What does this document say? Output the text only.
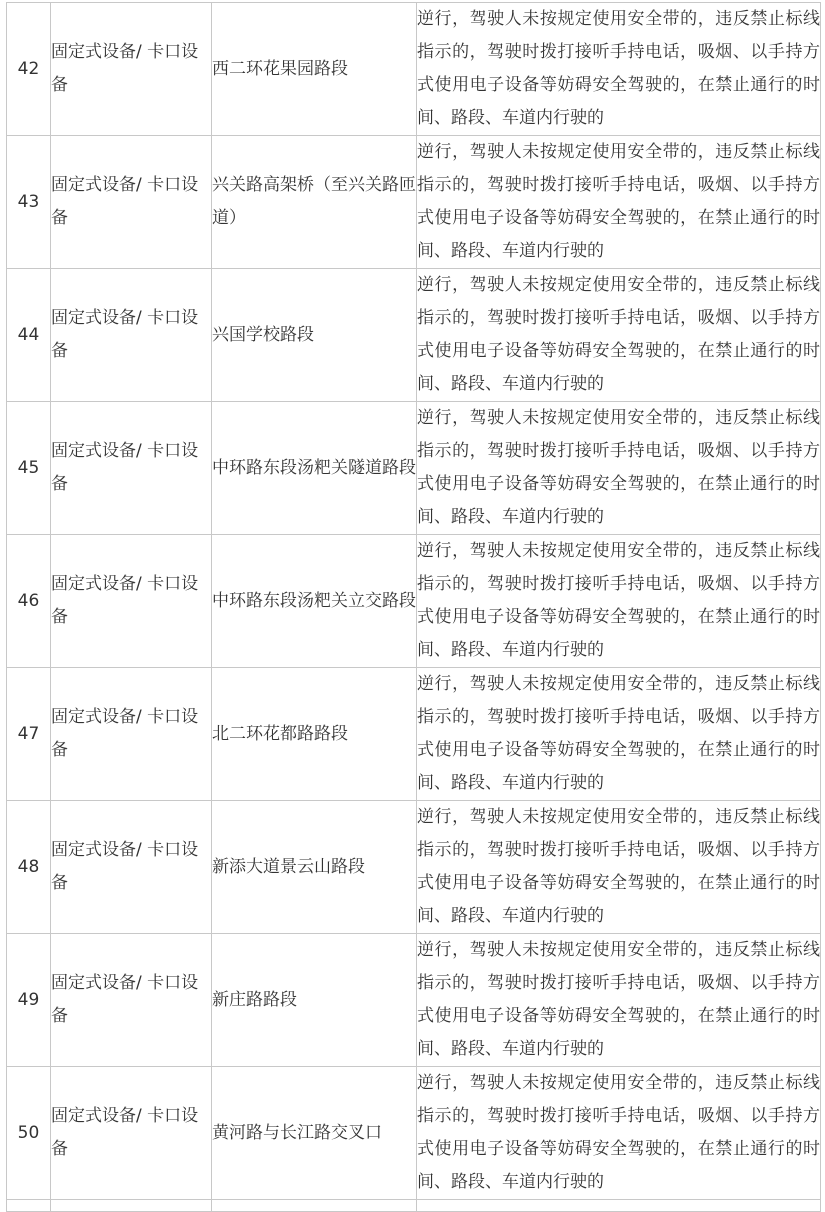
42	固定式设备/ 卡口设备	西二环花果园路段	逆行，驾驶人未按规定使用安全带的，违反禁止标线指示的，驾驶时拨打接听手持电话，吸烟、以手持方式使用电子设备等妨碍安全驾驶的，在禁止通行的时间、路段、车道内行驶的
43	固定式设备/ 卡口设备	兴关路高架桥（至兴关路匝道）	逆行，驾驶人未按规定使用安全带的，违反禁止标线指示的，驾驶时拨打接听手持电话，吸烟、以手持方式使用电子设备等妨碍安全驾驶的，在禁止通行的时间、路段、车道内行驶的
44	固定式设备/ 卡口设备	兴国学校路段	逆行，驾驶人未按规定使用安全带的，违反禁止标线指示的，驾驶时拨打接听手持电话，吸烟、以手持方式使用电子设备等妨碍安全驾驶的，在禁止通行的时间、路段、车道内行驶的
45	固定式设备/ 卡口设备	中环路东段汤粑关隧道路段	逆行，驾驶人未按规定使用安全带的，违反禁止标线指示的，驾驶时拨打接听手持电话，吸烟、以手持方式使用电子设备等妨碍安全驾驶的，在禁止通行的时间、路段、车道内行驶的
46	固定式设备/ 卡口设备	中环路东段汤粑关立交路段	逆行，驾驶人未按规定使用安全带的，违反禁止标线指示的，驾驶时拨打接听手持电话，吸烟、以手持方式使用电子设备等妨碍安全驾驶的，在禁止通行的时间、路段、车道内行驶的
47	固定式设备/ 卡口设备	北二环花都路路段	逆行，驾驶人未按规定使用安全带的，违反禁止标线指示的，驾驶时拨打接听手持电话，吸烟、以手持方式使用电子设备等妨碍安全驾驶的，在禁止通行的时间、路段、车道内行驶的
48	固定式设备/ 卡口设备	新添大道景云山路段	逆行，驾驶人未按规定使用安全带的，违反禁止标线指示的，驾驶时拨打接听手持电话，吸烟、以手持方式使用电子设备等妨碍安全驾驶的，在禁止通行的时间、路段、车道内行驶的
49	固定式设备/ 卡口设备	新庄路路段	逆行，驾驶人未按规定使用安全带的，违反禁止标线指示的，驾驶时拨打接听手持电话，吸烟、以手持方式使用电子设备等妨碍安全驾驶的，在禁止通行的时间、路段、车道内行驶的
50	固定式设备/ 卡口设备	黄河路与长江路交叉口	逆行，驾驶人未按规定使用安全带的，违反禁止标线指示的，驾驶时拨打接听手持电话，吸烟、以手持方式使用电子设备等妨碍安全驾驶的，在禁止通行的时间、路段、车道内行驶的
